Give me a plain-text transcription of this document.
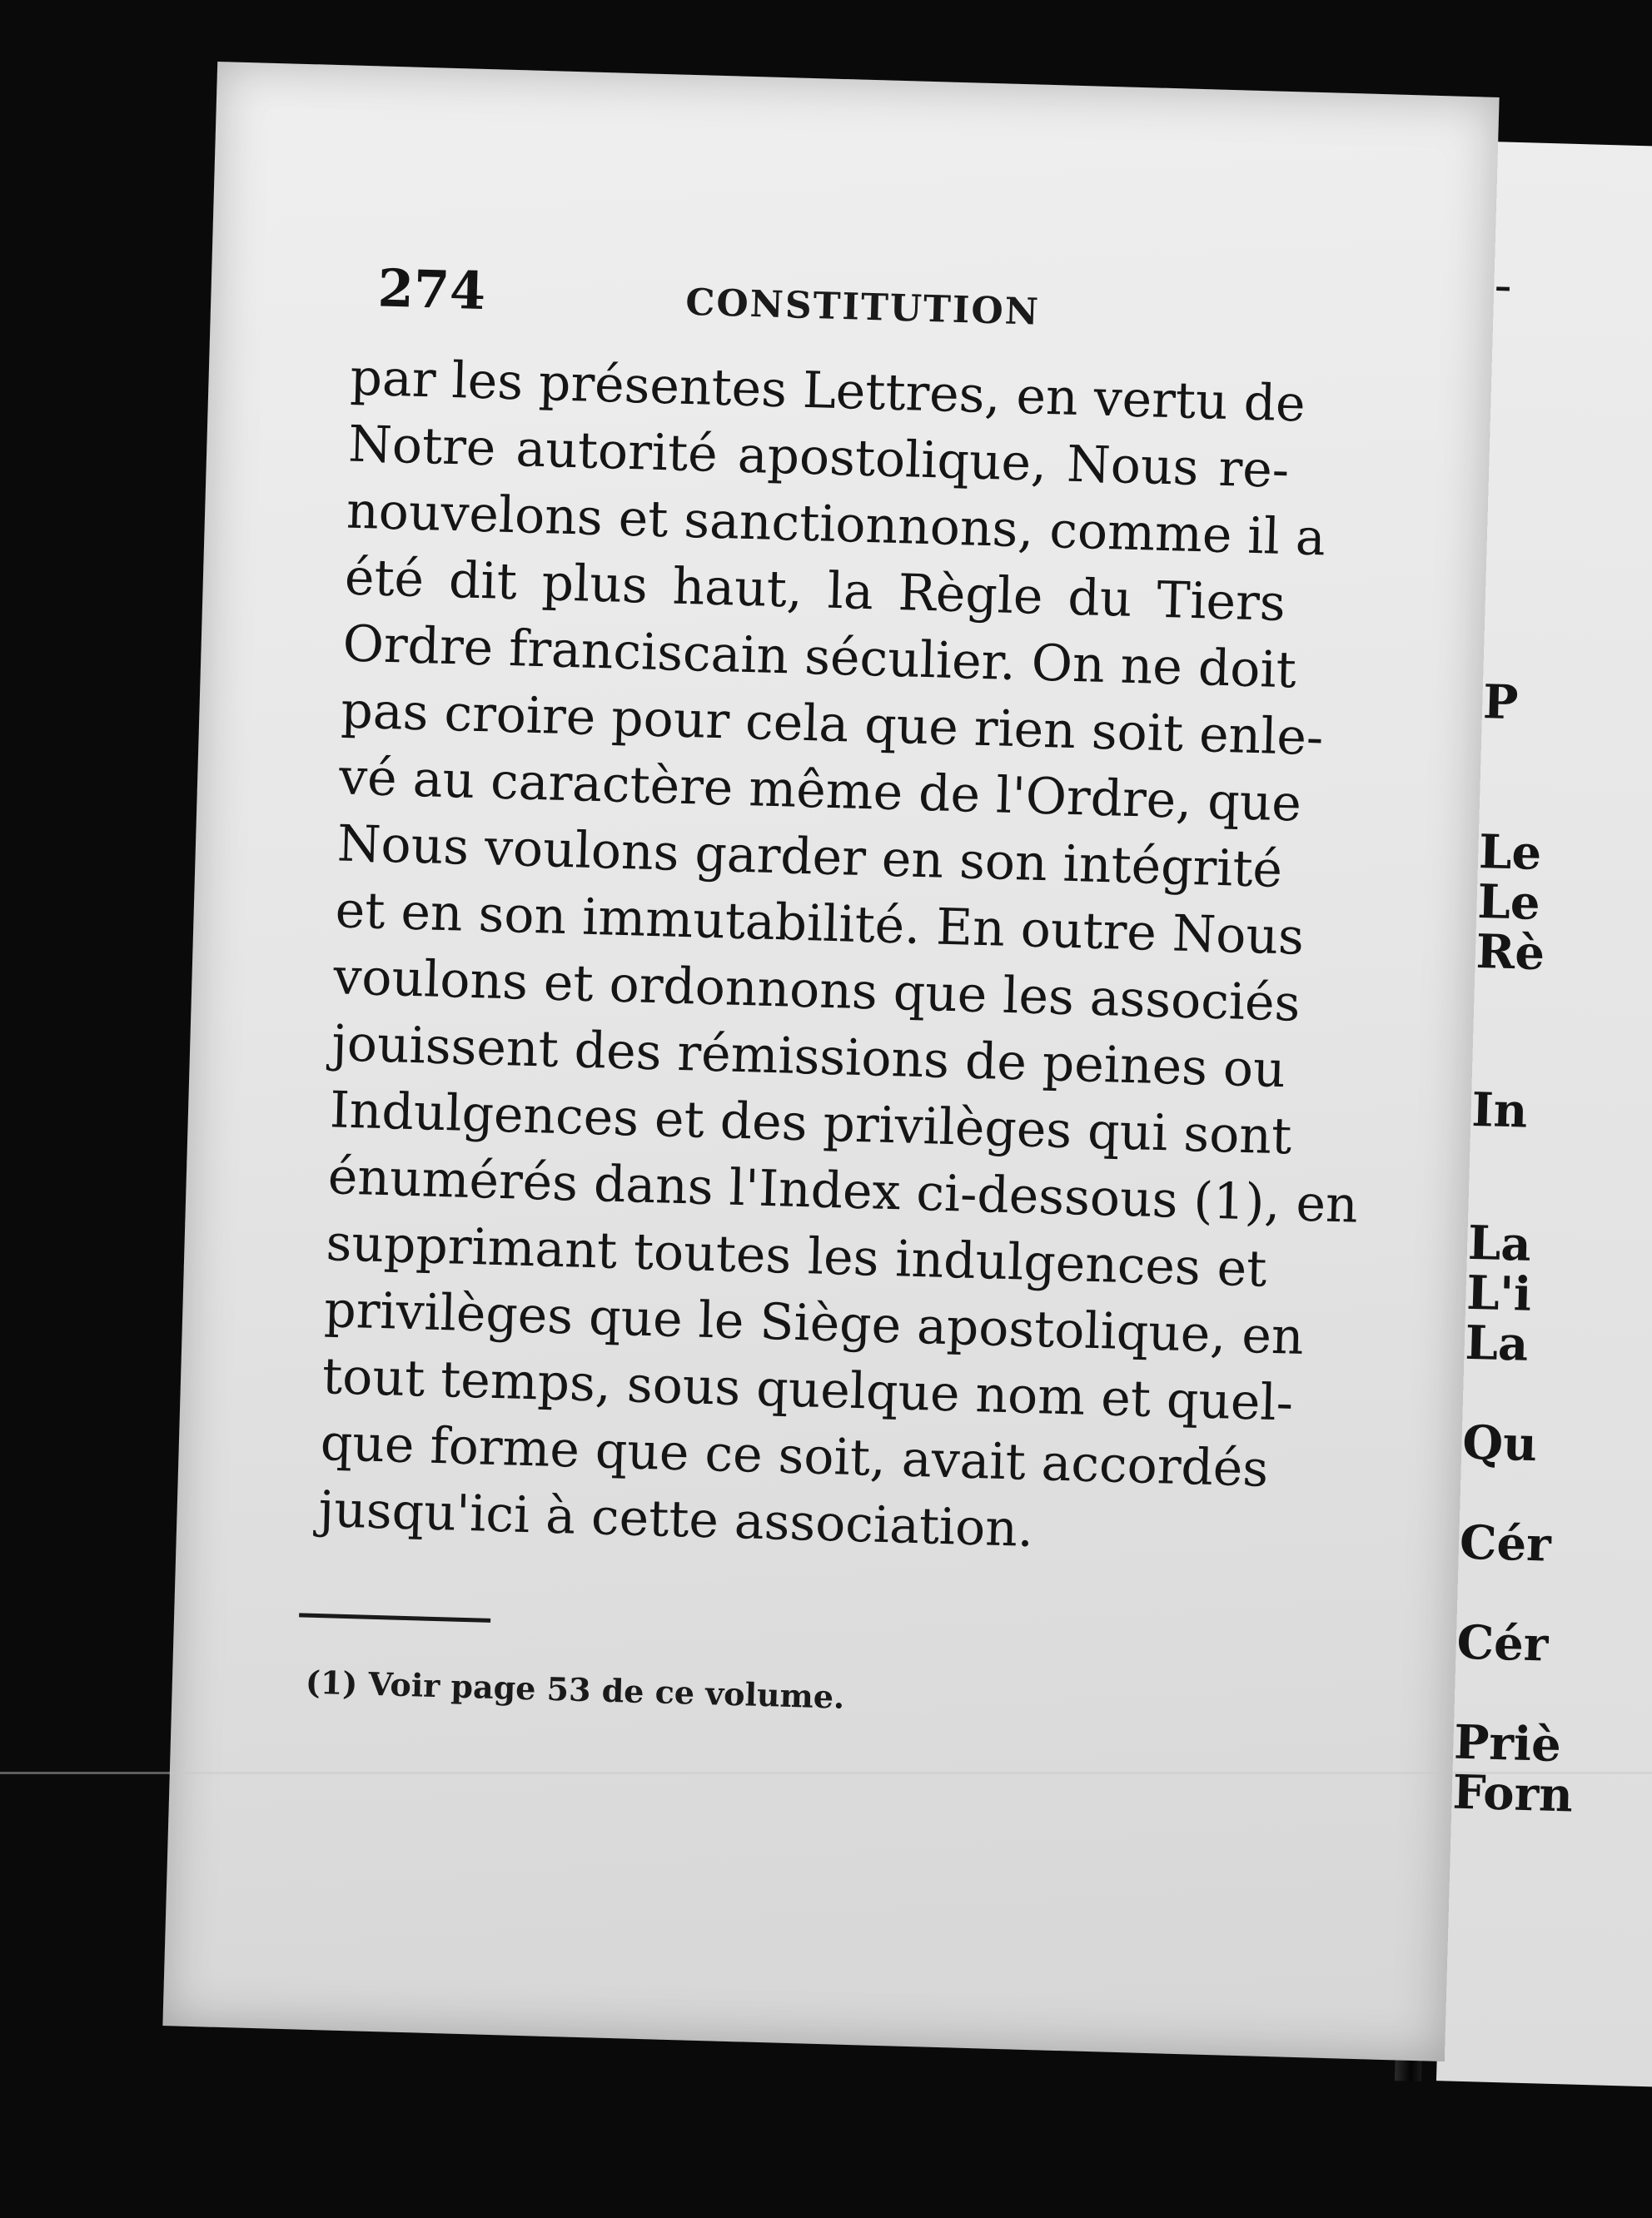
–
P
Le
Le
Rè
In
La
L'i
La
Qu
Cér
Cér
Priè
Forn
274	CONSTITUTION
par les présentes Lettres, en vertu de
Notre autorité apostolique, Nous re-
nouvelons et sanctionnons, comme il a
été dit plus haut, la Règle du Tiers
Ordre franciscain séculier. On ne doit
pas croire pour cela que rien soit enle-
vé au caractère même de l'Ordre, que
Nous voulons garder en son intégrité
et en son immutabilité. En outre Nous
voulons et ordonnons que les associés
jouissent des rémissions de peines ou
Indulgences et des privilèges qui sont
énumérés dans l'Index ci-dessous (1), en
supprimant toutes les indulgences et
privilèges que le Siège apostolique, en
tout temps, sous quelque nom et quel-
que forme que ce soit, avait accordés
jusqu'ici à cette association.
(1) Voir page 53 de ce volume.
